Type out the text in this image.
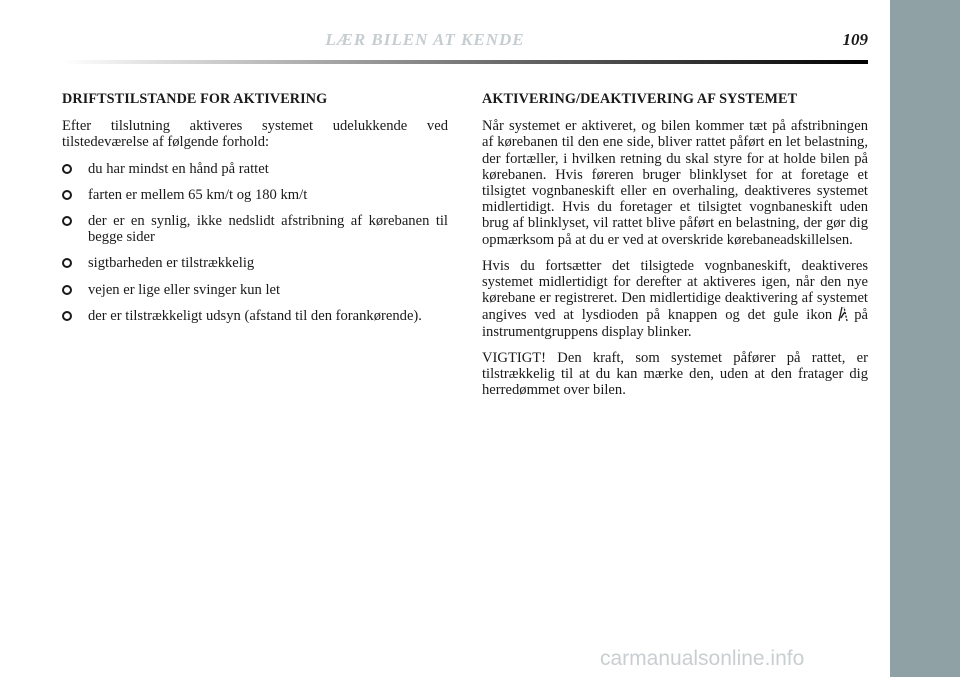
LÆR BILEN AT KENDE	109
DRIFTSTILSTANDE FOR AKTIVERING

Efter tilslutning aktiveres systemet udelukkende ved tilstedeværelse af følgende forhold:

du har mindst en hånd på rattet
farten er mellem 65 km/t og 180 km/t
der er en synlig, ikke nedslidt afstribning af kørebanen til begge sider
sigtbarheden er tilstrækkelig
vejen er lige eller svinger kun let
der er tilstrækkeligt udsyn (afstand til den forankørende).
AKTIVERING/DEAKTIVERING AF SYSTEMET

Når systemet er aktiveret, og bilen kommer tæt på afstribningen af kørebanen til den ene side, bliver rattet påført en let belastning, der fortæller, i hvilken retning du skal styre for at holde bilen på kørebanen. Hvis føreren bruger blinklyset for at foretage et tilsigtet vognbaneskift eller en overhaling, deaktiveres systemet midlertidigt. Hvis du foretager et tilsigtet vognbaneskift uden brug af blinklyset, vil rattet blive påført en belastning, der gør dig opmærksom på at du er ved at overskride kørebaneadskillelsen.

Hvis du fortsætter det tilsigtede vognbaneskift, deaktiveres systemet midlertidigt for derefter at aktiveres igen, når den nye kørebane er registreret. Den midlertidige deaktivering af systemet angives ved at lysdioden på knappen og det gule ikon på instrumentgruppens display blinker.

VIGTIGT! Den kraft, som systemet påfører på rattet, er tilstrækkelig til at du kan mærke den, uden at den fratager dig herredømmet over bilen.

carmanualsonline.info
